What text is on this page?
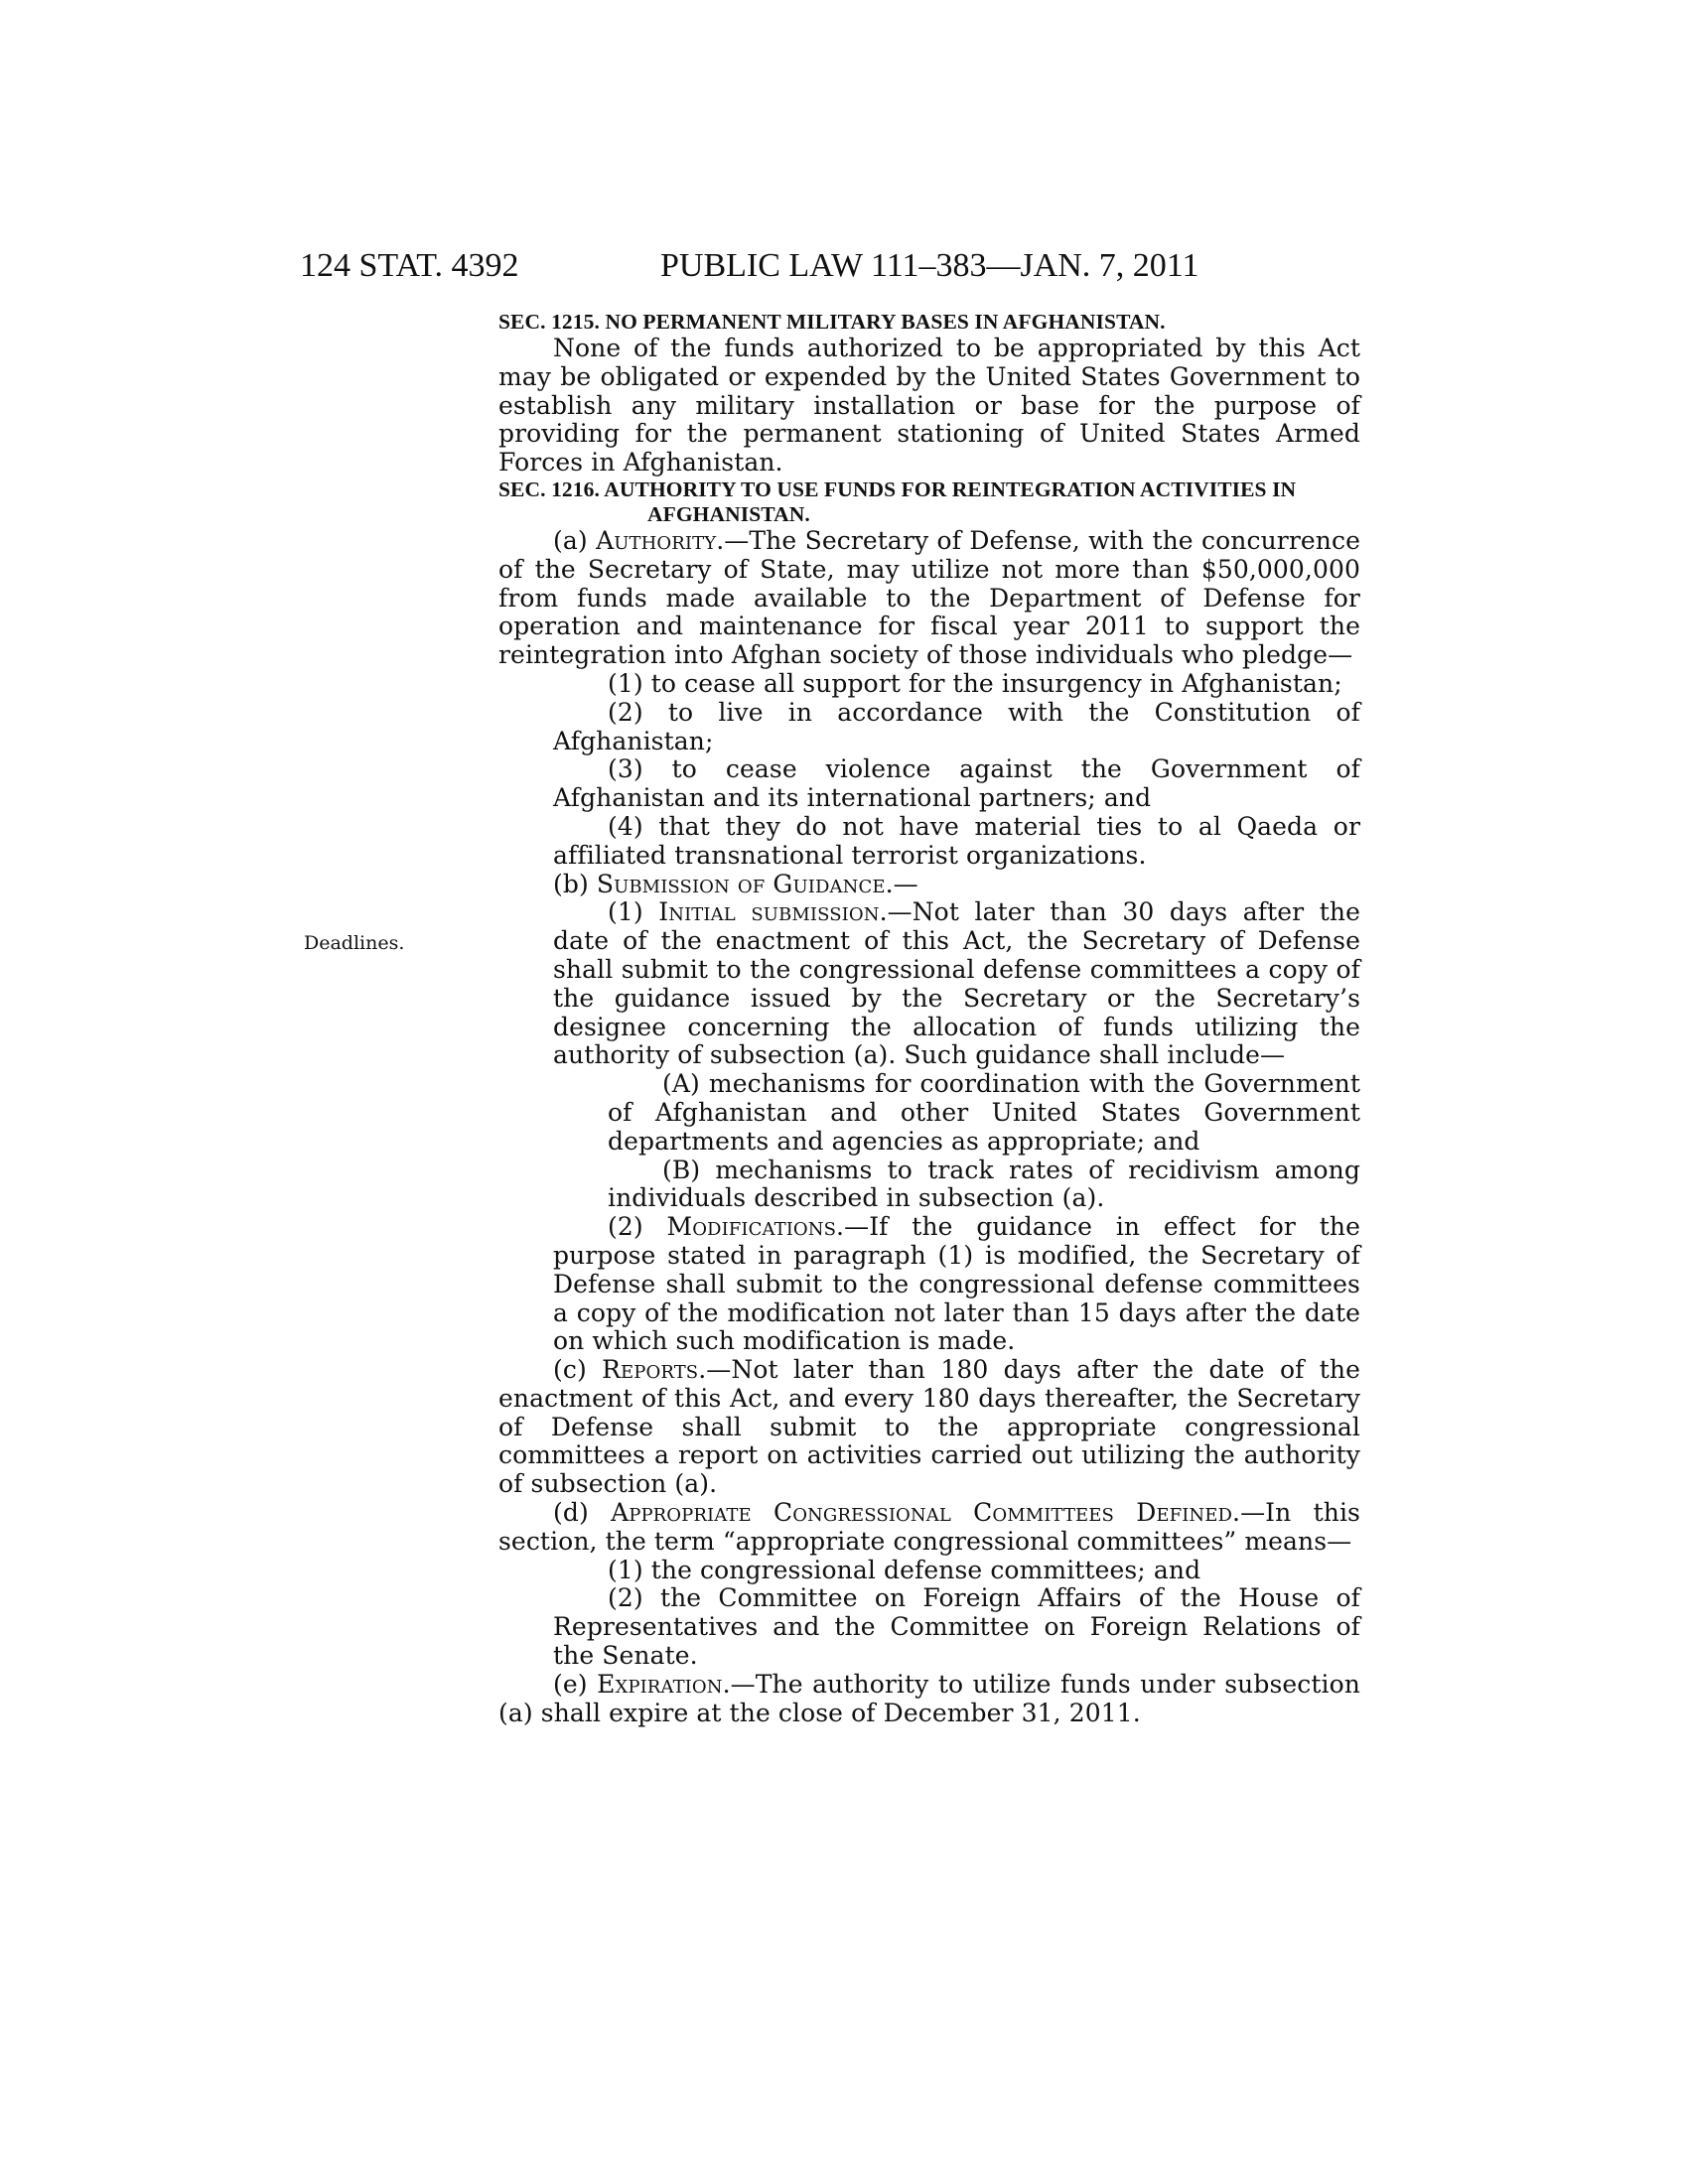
124 STAT. 4392	PUBLIC LAW 111–383—JAN. 7, 2011
Deadlines.

SEC. 1215. NO PERMANENT MILITARY BASES IN AFGHANISTAN.

None of the funds authorized to be appropriated by this Act may be obligated or expended by the United States Government to establish any military installation or base for the purpose of providing for the permanent stationing of United States Armed Forces in Afghanistan.

SEC. 1216. AUTHORITY TO USE FUNDS FOR REINTEGRATION ACTIVITIES IN AFGHANISTAN.

(a) Authority.—The Secretary of Defense, with the concurrence of the Secretary of State, may utilize not more than $50,000,000 from funds made available to the Department of Defense for operation and maintenance for fiscal year 2011 to support the reintegration into Afghan society of those individuals who pledge—

(1) to cease all support for the insurgency in Afghanistan;

(2) to live in accordance with the Constitution of Afghanistan;

(3) to cease violence against the Government of Afghanistan and its international partners; and

(4) that they do not have material ties to al Qaeda or affiliated transnational terrorist organizations.

(b) Submission of Guidance.—

(1) Initial submission.—Not later than 30 days after the date of the enactment of this Act, the Secretary of Defense shall submit to the congressional defense committees a copy of the guidance issued by the Secretary or the Secretary’s designee concerning the allocation of funds utilizing the authority of subsection (a). Such guidance shall include—

(A) mechanisms for coordination with the Government of Afghanistan and other United States Government departments and agencies as appropriate; and

(B) mechanisms to track rates of recidivism among individuals described in subsection (a).

(2) Modifications.—If the guidance in effect for the purpose stated in paragraph (1) is modified, the Secretary of Defense shall submit to the congressional defense committees a copy of the modification not later than 15 days after the date on which such modification is made.

(c) Reports.—Not later than 180 days after the date of the enactment of this Act, and every 180 days thereafter, the Secretary of Defense shall submit to the appropriate congressional committees a report on activities carried out utilizing the authority of subsection (a).

(d) Appropriate Congressional Committees Defined.—In this section, the term “appropriate congressional committees” means—

(1) the congressional defense committees; and

(2) the Committee on Foreign Affairs of the House of Representatives and the Committee on Foreign Relations of the Senate.

(e) Expiration.—The authority to utilize funds under subsection (a) shall expire at the close of December 31, 2011.
